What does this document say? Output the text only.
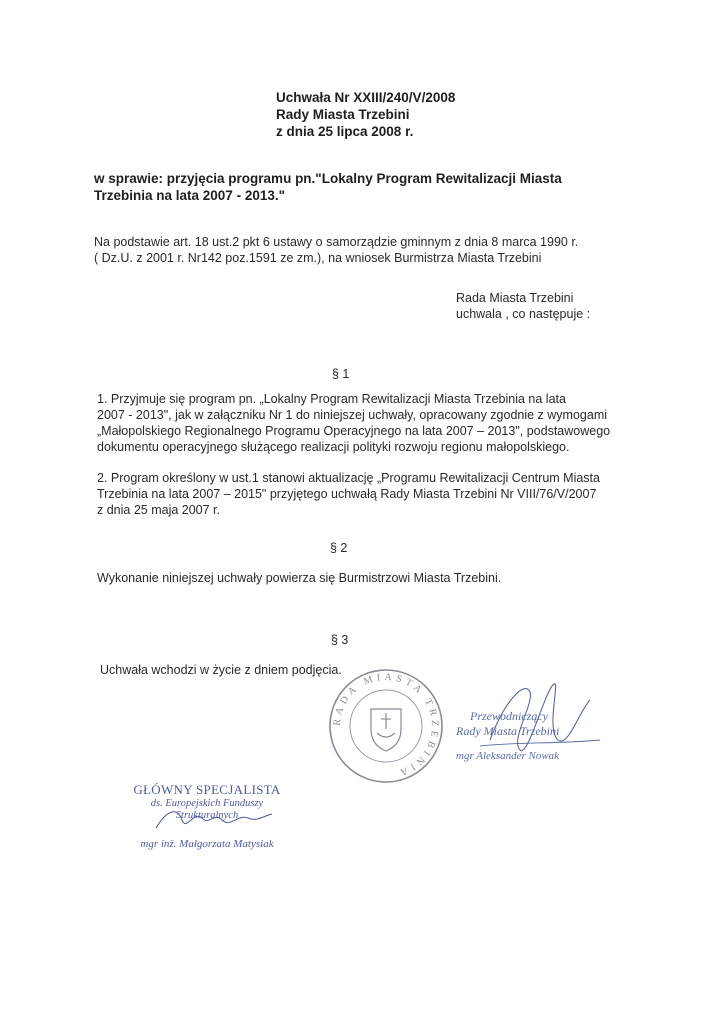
Uchwała Nr XXIII/240/V/2008
Rady Miasta Trzebini
z dnia 25 lipca 2008 r.
w sprawie: przyjęcia programu pn."Lokalny Program Rewitalizacji Miasta
Trzebinia na lata 2007 - 2013."
Na podstawie art. 18 ust.2 pkt 6 ustawy o samorządzie gminnym z dnia 8 marca 1990 r.
( Dz.U. z 2001 r. Nr142 poz.1591 ze zm.), na wniosek Burmistrza Miasta Trzebini
Rada Miasta Trzebini
uchwala , co następuje :
§ 1
1. Przyjmuje się program pn. „Lokalny Program Rewitalizacji Miasta Trzebinia na lata
2007 - 2013", jak w załączniku Nr 1 do niniejszej uchwały, opracowany zgodnie z wymogami
„Małopolskiego Regionalnego Programu Operacyjnego na lata 2007 – 2013", podstawowego
dokumentu operacyjnego służącego realizacji polityki rozwoju regionu małopolskiego.
2. Program określony w ust.1 stanowi aktualizację „Programu Rewitalizacji Centrum Miasta
Trzebinia na lata 2007 – 2015" przyjętego uchwałą Rady Miasta Trzebini Nr VIII/76/V/2007
z dnia 25 maja 2007 r.
§ 2
Wykonanie niniejszej uchwały powierza się Burmistrzowi Miasta Trzebini.
§ 3
Uchwała wchodzi w życie z dniem podjęcia.
RADA MIASTA TRZEBINIA
Przewodniczący
Rady Miasta Trzebini
mgr Aleksander Nowak
GŁÓWNY SPECJALISTA
ds. Europejskich Funduszy
Strukturalnych
mgr inż. Małgorzata Matysiak
